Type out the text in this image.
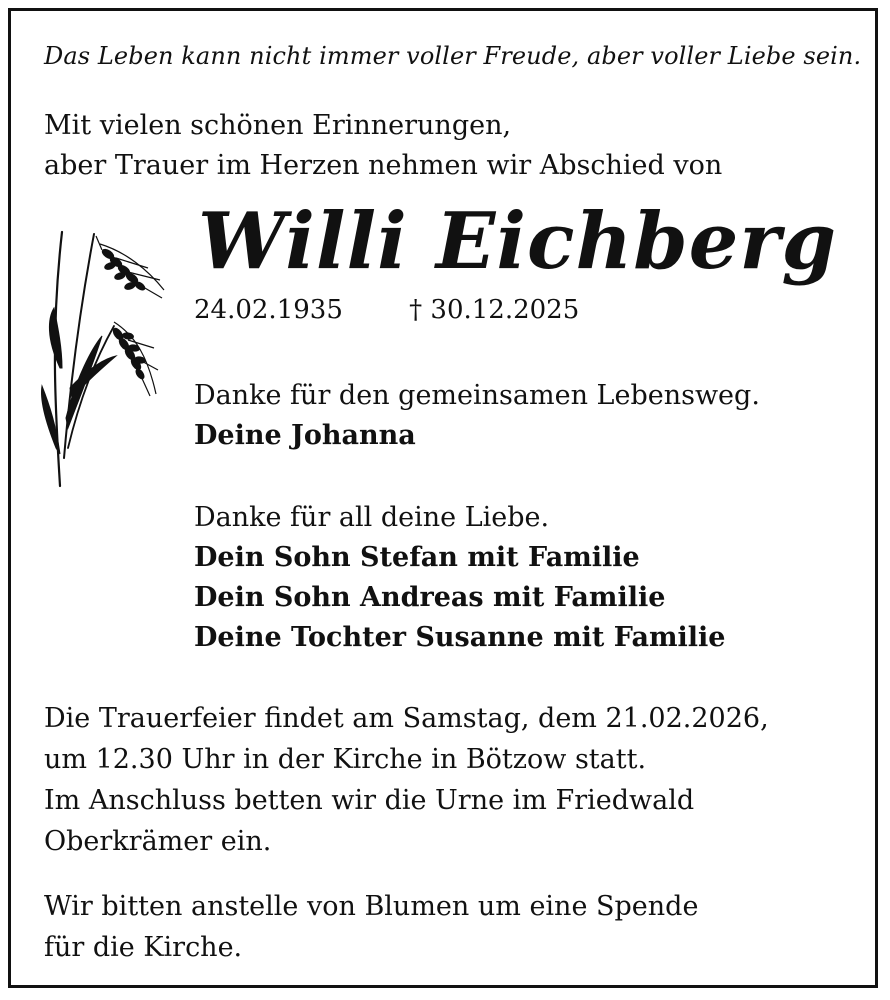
Das Leben kann nicht immer voller Freude, aber voller Liebe sein.
Mit vielen schönen Erinnerungen,
aber Trauer im Herzen nehmen wir Abschied von
Willi Eichberg
24.02.1935	† 30.12.2025
Danke für den gemeinsamen Lebensweg.
Deine Johanna
Danke für all deine Liebe.
Dein Sohn Stefan mit Familie
Dein Sohn Andreas mit Familie
Deine Tochter Susanne mit Familie
Die Trauerfeier findet am Samstag, dem 21.02.2026,
um 12.30 Uhr in der Kirche in Bötzow statt.
Im Anschluss betten wir die Urne im Friedwald
Oberkrämer ein.
Wir bitten anstelle von Blumen um eine Spende
für die Kirche.
